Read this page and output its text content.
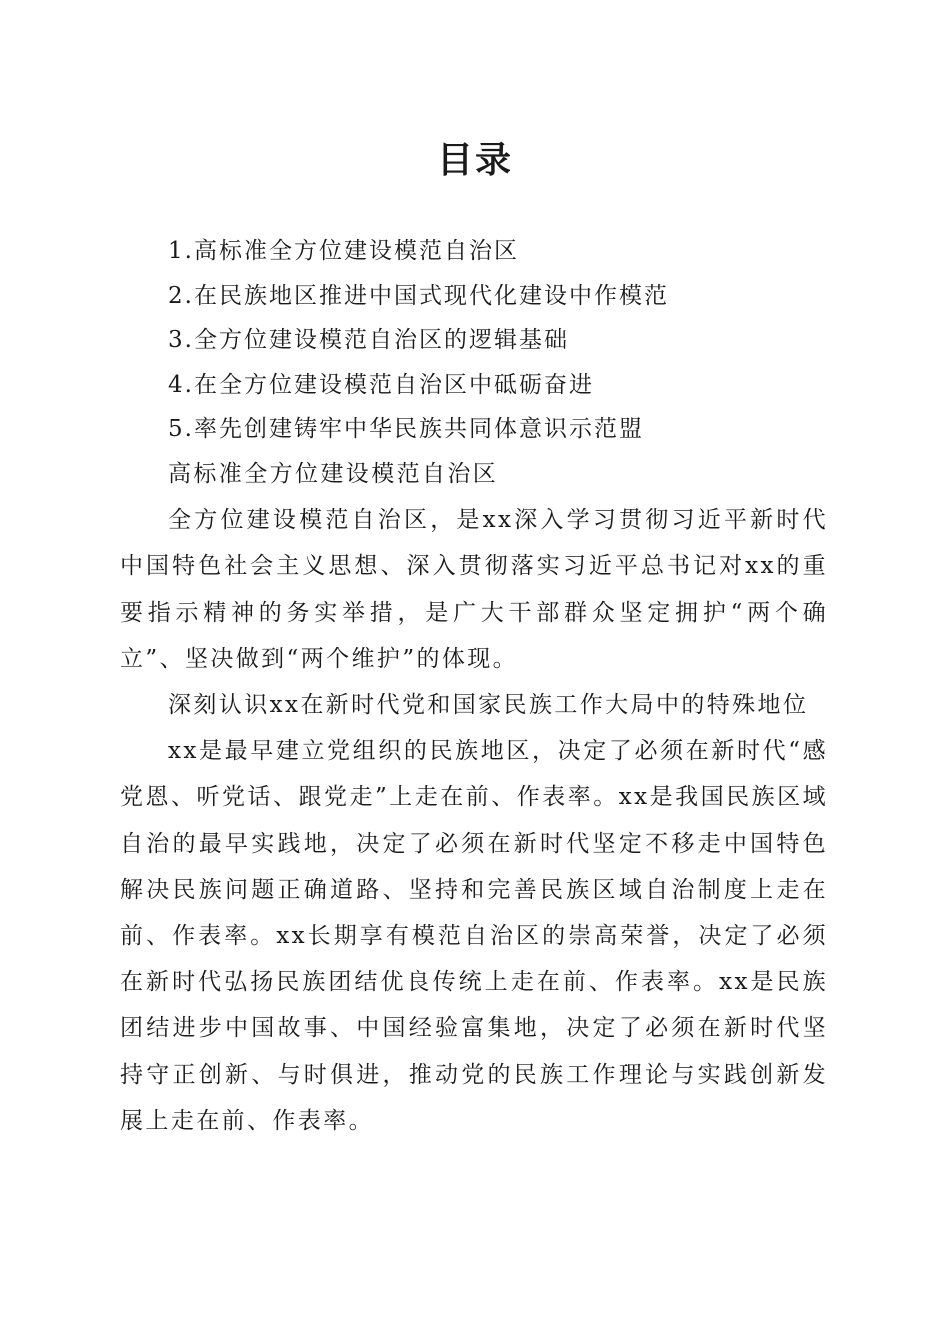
目录
1.高标准全方位建设模范自治区
2.在民族地区推进中国式现代化建设中作模范
3.全方位建设模范自治区的逻辑基础
4.在全方位建设模范自治区中砥砺奋进
5.率先创建铸牢中华民族共同体意识示范盟

高标准全方位建设模范自治区

全方位建设模范自治区，是xx深入学习贯彻习近平新时代中国特色社会主义思想、深入贯彻落实习近平总书记对xx的重要指示精神的务实举措，是广大干部群众坚定拥护“两个确立”、坚决做到“两个维护”的体现。

深刻认识xx在新时代党和国家民族工作大局中的特殊地位

xx是最早建立党组织的民族地区，决定了必须在新时代“感党恩、听党话、跟党走”上走在前、作表率。xx是我国民族区域自治的最早实践地，决定了必须在新时代坚定不移走中国特色解决民族问题正确道路、坚持和完善民族区域自治制度上走在前、作表率。xx长期享有模范自治区的崇高荣誉，决定了必须在新时代弘扬民族团结优良传统上走在前、作表率。xx是民族团结进步中国故事、中国经验富集地，决定了必须在新时代坚持守正创新、与时俱进，推动党的民族工作理论与实践创新发展上走在前、作表率。
